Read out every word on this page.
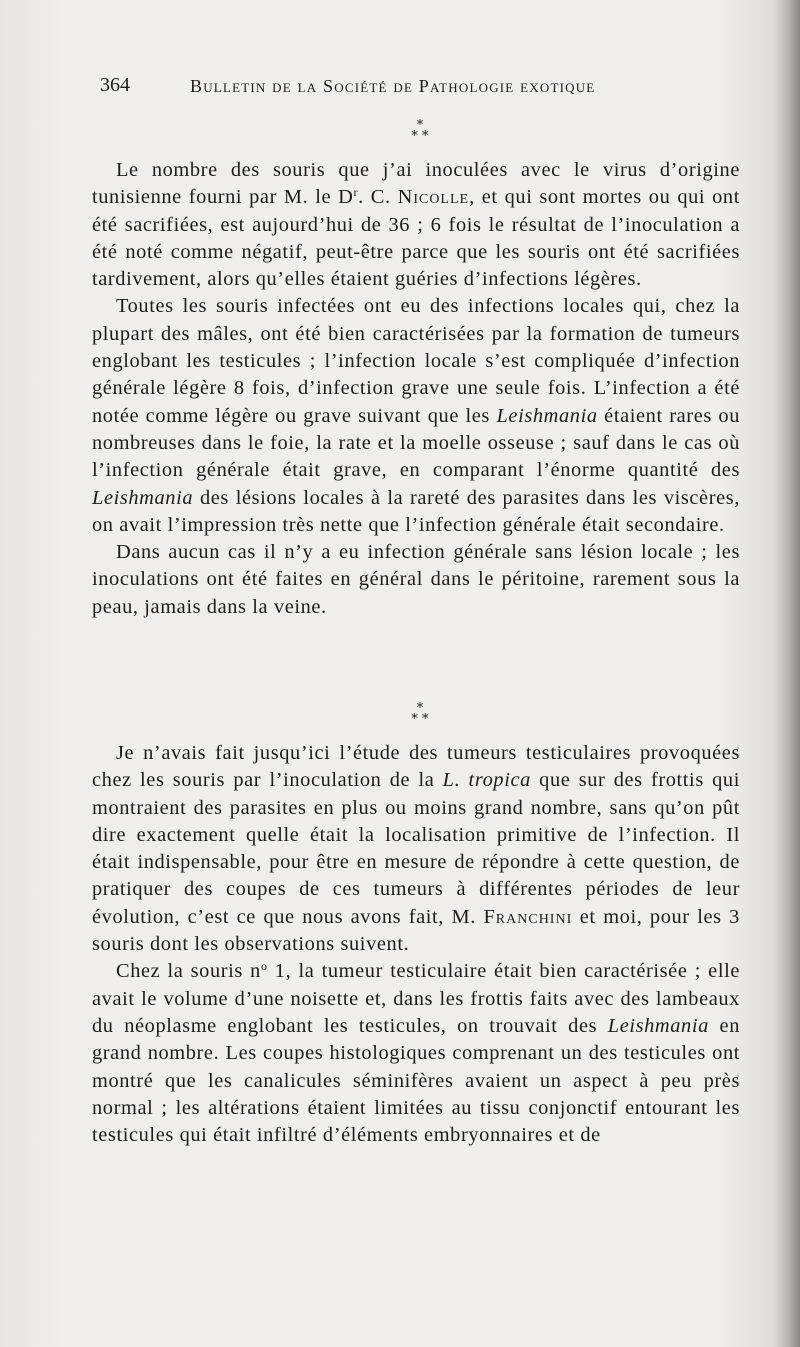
364	Bulletin de la Société de Pathologie exotique
*
* *

Le nombre des souris que j’ai inoculées avec le virus d’origine tunisienne fourni par M. le $D^r$. C. Nicolle, et qui sont mortes ou qui ont été sacrifiées, est aujourd’hui de 36 ; 6 fois le résultat de l’inoculation a été noté comme négatif, peut-être parce que les souris ont été sacrifiées tardivement, alors qu’elles étaient guéries d’infections légères.

Toutes les souris infectées ont eu des infections locales qui, chez la plupart des mâles, ont été bien caractérisées par la formation de tumeurs englobant les testicules ; l’infection locale s’est compliquée d’infection générale légère 8 fois, d’infection grave une seule fois. L’infection a été notée comme légère ou grave suivant que les Leishmania étaient rares ou nombreuses dans le foie, la rate et la moelle osseuse ; sauf dans le cas où l’infection générale était grave, en comparant l’énorme quantité des Leishmania des lésions locales à la rareté des parasites dans les viscères, on avait l’impression très nette que l’infection générale était secondaire.

Dans aucun cas il n’y a eu infection générale sans lésion locale ; les inoculations ont été faites en général dans le péritoine, rarement sous la peau, jamais dans la veine.

*
* *

Je n’avais fait jusqu’ici l’étude des tumeurs testiculaires provoquées chez les souris par l’inoculation de la L. tropica que sur des frottis qui montraient des parasites en plus ou moins grand nombre, sans qu’on pût dire exactement quelle était la localisation primitive de l’infection. Il était indispensable, pour être en mesure de répondre à cette question, de pratiquer des coupes de ces tumeurs à différentes périodes de leur évolution, c’est ce que nous avons fait, M. Franchini et moi, pour les 3 souris dont les observations suivent.

Chez la souris $n^o$ 1, la tumeur testiculaire était bien caractérisée ; elle avait le volume d’une noisette et, dans les frottis faits avec des lambeaux du néoplasme englobant les testicules, on trouvait des Leishmania en grand nombre. Les coupes histologiques comprenant un des testicules ont montré que les canalicules séminifères avaient un aspect à peu près normal ; les altérations étaient limitées au tissu conjonctif entourant les testicules qui était infiltré d’éléments embryonnaires et de
